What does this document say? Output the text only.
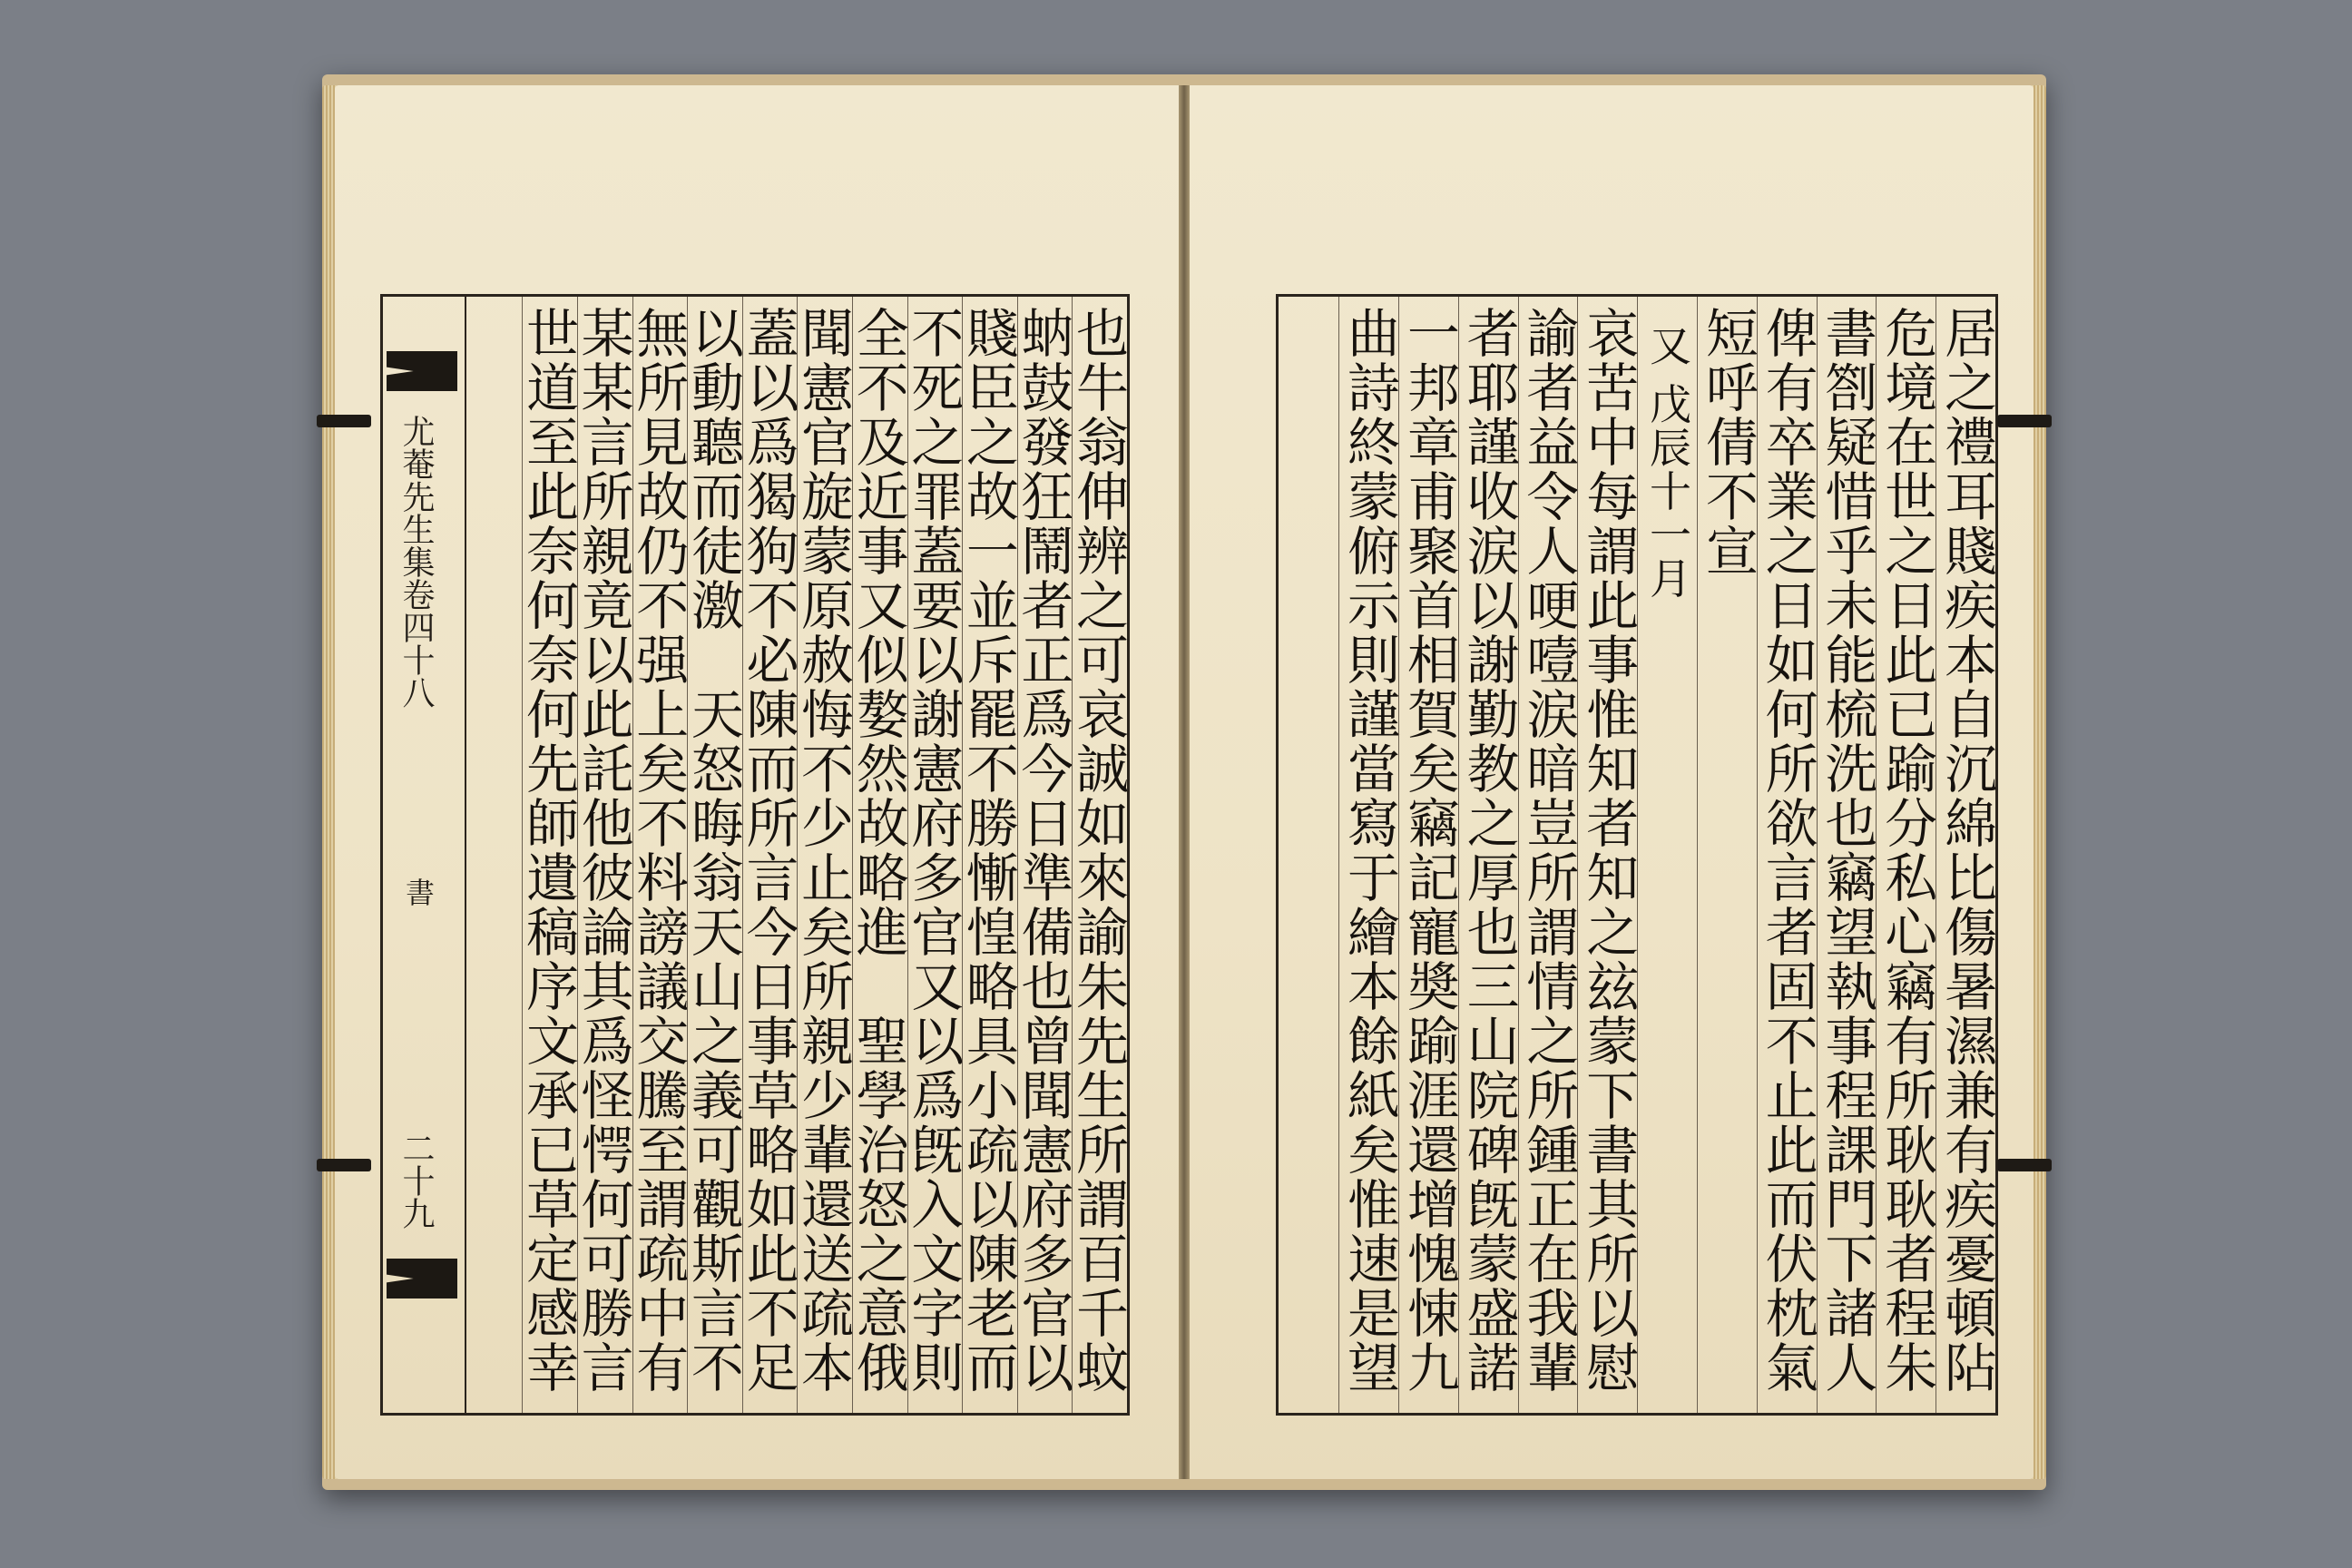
尤菴先生集卷四十八
書
二十九	也牛翁伸辨之可哀誠如來諭朱先生所謂百千蚊
蚋鼓發狂鬧者正爲今日準備也曾聞憲府多官以
賤臣之故一並斥罷不勝慚惶略具小疏以陳老而
不死之罪蓋要以謝憲府多官又以爲旣入文字則
全不及近事又似嫯然故略進　聖學治怒之意俄
聞憲官旋蒙原赦悔不少止矣所親少輩還送疏本
蓋以爲猲狗不必陳而所言今日事草略如此不足
以動聽而徒激　天怒晦翁天山之義可觀斯言不
無所見故仍不强上矣不料謗議交騰至謂疏中有
某某言所親竟以此託他彼論其爲怪愕何可勝言
世道至此奈何奈何先師遺稿序文承已草定感幸	居之禮耳賤疾本自沉綿比傷暑濕兼有疾憂頓阽
危境在世之日此已踰分私心竊有所耿耿者程朱
書劄疑惜乎未能梳洗也竊望執事程課門下諸人
俾有卒業之日如何所欲言者固不止此而伏枕氣
短呼倩不宣
又 戊辰十一月
哀苦中每謂此事惟知者知之玆蒙下書其所以慰
諭者益令人哽噎涙暗豈所謂情之所鍾正在我輩
者耶謹收涙以謝勤教之厚也三山院碑旣蒙盛諾
一邦章甫聚首相賀矣竊記寵奬踰涯還增愧悚九
曲詩終蒙俯示則謹當寫于繪本餘紙矣惟速是望
